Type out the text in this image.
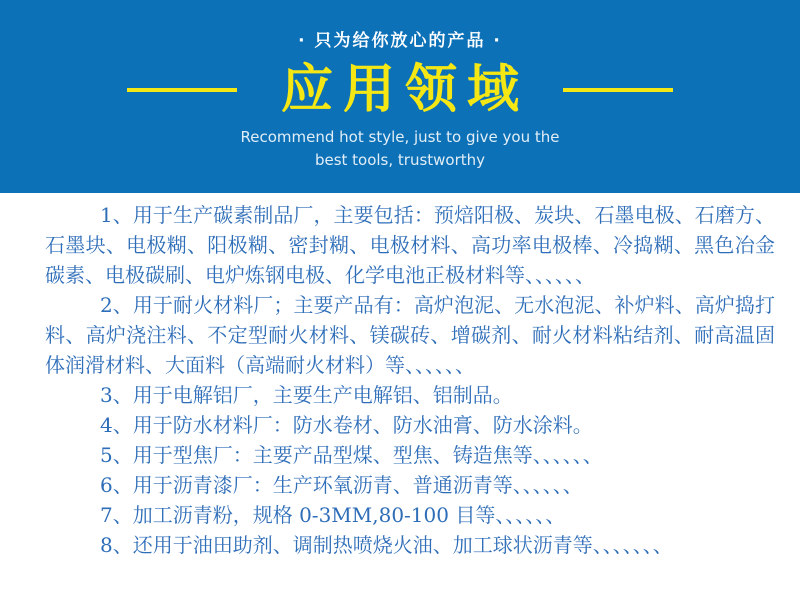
· 只为给你放心的产品 ·
应用领域
Recommend hot style, just to give you the
best tools, trustworthy

1、用于生产碳素制品厂，主要包括：预焙阳极、炭块、石墨电极、石磨方、石墨块、电极糊、阳极糊、密封糊、电极材料、高功率电极棒、冷捣糊、黑色冶金碳素、电极碳刷、电炉炼钢电极、化学电池正极材料等、、、、、、

2、用于耐火材料厂；主要产品有：高炉泡泥、无水泡泥、补炉料、高炉捣打料、高炉浇注料、不定型耐火材料、镁碳砖、增碳剂、耐火材料粘结剂、耐高温固体润滑材料、大面料（高端耐火材料）等、、、、、、

3、用于电解铝厂，主要生产电解铝、铝制品。

4、用于防水材料厂：防水卷材、防水油膏、防水涂料。

5、用于型焦厂：主要产品型煤、型焦、铸造焦等、、、、、、

6、用于沥青漆厂：生产环氧沥青、普通沥青等、、、、、、

7、加工沥青粉，规格 0-3MM,80-100 目等、、、、、、

8、还用于油田助剂、调制热喷烧火油、加工球状沥青等、、、、、、、
